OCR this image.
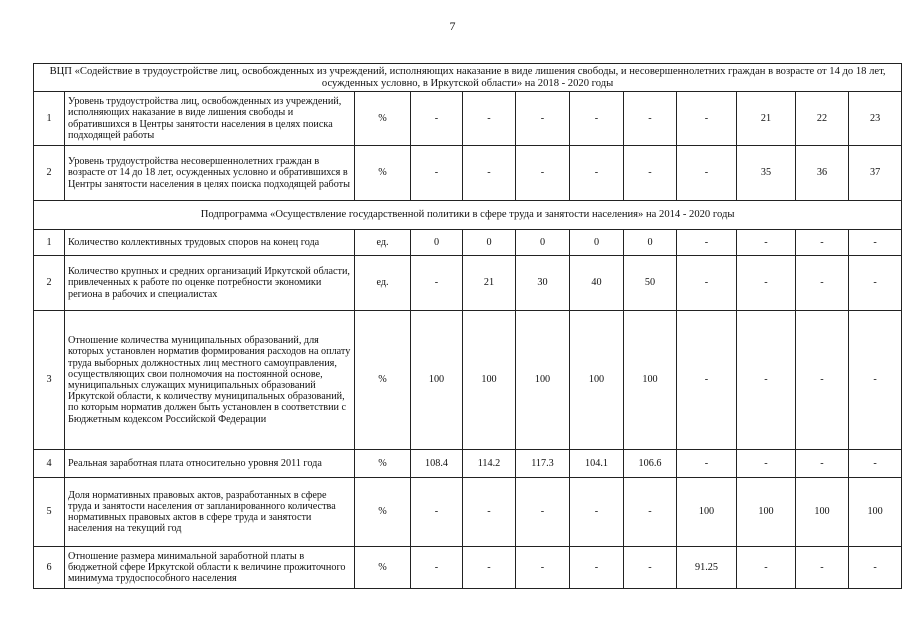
7
ВЦП «Содействие в трудоустройстве лиц, освобожденных из учреждений, исполняющих наказание в виде лишения свободы, и несовершеннолетних граждан в возрасте от 14 до 18 лет, осужденных условно, в Иркутской области» на 2018 - 2020 годы											
1	Уровень трудоустройства лиц, освобожденных из учреждений, исполняющих наказание в виде лишения свободы и обратившихся в Центры занятости населения в целях поиска подходящей работы	%	-	-	-	-	-	-	21	22	23
2	Уровень трудоустройства несовершеннолетних граждан в возрасте от 14 до 18 лет, осужденных условно и обратившихся в Центры занятости населения в целях поиска подходящей работы	%	-	-	-	-	-	-	35	36	37
Подпрограмма «Осуществление государственной политики в сфере труда и занятости населения» на 2014 - 2020 годы											
1	Количество коллективных трудовых споров на конец года	ед.	0	0	0	0	0	-	-	-	-
2	Количество крупных и средних организаций Иркутской области, привлеченных к работе по оценке потребности экономики региона в рабочих и специалистах	ед.	-	21	30	40	50	-	-	-	-
3	Отношение количества муниципальных образований, для которых установлен норматив формирования расходов на оплату труда выборных должностных лиц местного самоуправления, осуществляющих свои полномочия на постоянной основе, муниципальных служащих муниципальных образований Иркутской области, к количеству муниципальных образований, по которым норматив должен быть установлен в соответствии с Бюджетным кодексом Российской Федерации	%	100	100	100	100	100	-	-	-	-
4	Реальная заработная плата относительно уровня 2011 года	%	108.4	114.2	117.3	104.1	106.6	-	-	-	-
5	Доля нормативных правовых актов, разработанных в сфере труда и занятости населения от запланированного количества нормативных правовых актов в сфере труда и занятости населения на текущий год	%	-	-	-	-	-	100	100	100	100
6	Отношение размера минимальной заработной платы в бюджетной сфере Иркутской области к величине прожиточного минимума трудоспособного населения	%	-	-	-	-	-	91.25	-	-	-
